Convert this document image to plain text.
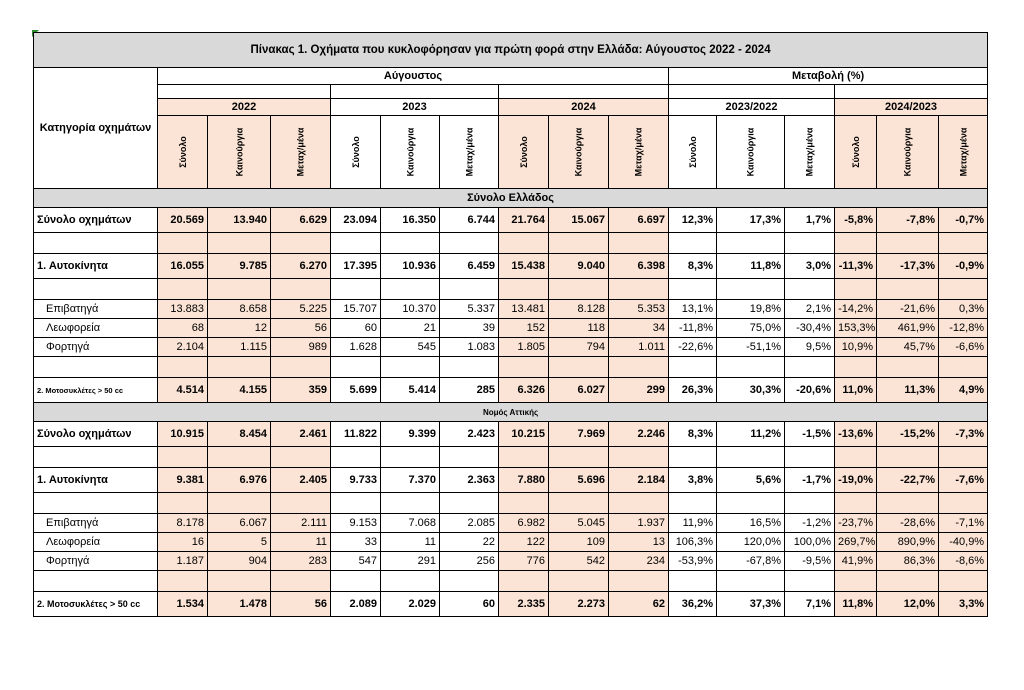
Πίνακας 1. Οχήματα που κυκλοφόρησαν για πρώτη φορά στην Ελλάδα: Αύγουστος 2022 - 2024															
Κατηγορία οχημάτων	Αύγουστος									Μεταβολή (%)					

	2022			2023			2024			2023/2022			2024/2023		
	Σύνολο	Καινούργια	Μεταχ/μένα	Σύνολο	Καινούργια	Μεταχ/μένα	Σύνολο	Καινούργια	Μεταχ/μένα	Σύνολο	Καινούργια	Μεταχ/μένα	Σύνολο	Καινούργια	Μεταχ/μένα
Σύνολο Ελλάδος															
Σύνολο οχημάτων	20.569	13.940	6.629	23.094	16.350	6.744	21.764	15.067	6.697	12,3%	17,3%	1,7%	-5,8%	-7,8%	-0,7%

1. Αυτοκίνητα	16.055	9.785	6.270	17.395	10.936	6.459	15.438	9.040	6.398	8,3%	11,8%	3,0%	-11,3%	-17,3%	-0,9%

Επιβατηγά	13.883	8.658	5.225	15.707	10.370	5.337	13.481	8.128	5.353	13,1%	19,8%	2,1%	-14,2%	-21,6%	0,3%
Λεωφορεία	68	12	56	60	21	39	152	118	34	-11,8%	75,0%	-30,4%	153,3%	461,9%	-12,8%
Φορτηγά	2.104	1.115	989	1.628	545	1.083	1.805	794	1.011	-22,6%	-51,1%	9,5%	10,9%	45,7%	-6,6%

2. Μοτοσυκλέτες > 50 cc	4.514	4.155	359	5.699	5.414	285	6.326	6.027	299	26,3%	30,3%	-20,6%	11,0%	11,3%	4,9%
Νομός Αττικής															
Σύνολο οχημάτων	10.915	8.454	2.461	11.822	9.399	2.423	10.215	7.969	2.246	8,3%	11,2%	-1,5%	-13,6%	-15,2%	-7,3%

1. Αυτοκίνητα	9.381	6.976	2.405	9.733	7.370	2.363	7.880	5.696	2.184	3,8%	5,6%	-1,7%	-19,0%	-22,7%	-7,6%

Επιβατηγά	8.178	6.067	2.111	9.153	7.068	2.085	6.982	5.045	1.937	11,9%	16,5%	-1,2%	-23,7%	-28,6%	-7,1%
Λεωφορεία	16	5	11	33	11	22	122	109	13	106,3%	120,0%	100,0%	269,7%	890,9%	-40,9%
Φορτηγά	1.187	904	283	547	291	256	776	542	234	-53,9%	-67,8%	-9,5%	41,9%	86,3%	-8,6%

2. Μοτοσυκλέτες > 50 cc	1.534	1.478	56	2.089	2.029	60	2.335	2.273	62	36,2%	37,3%	7,1%	11,8%	12,0%	3,3%
